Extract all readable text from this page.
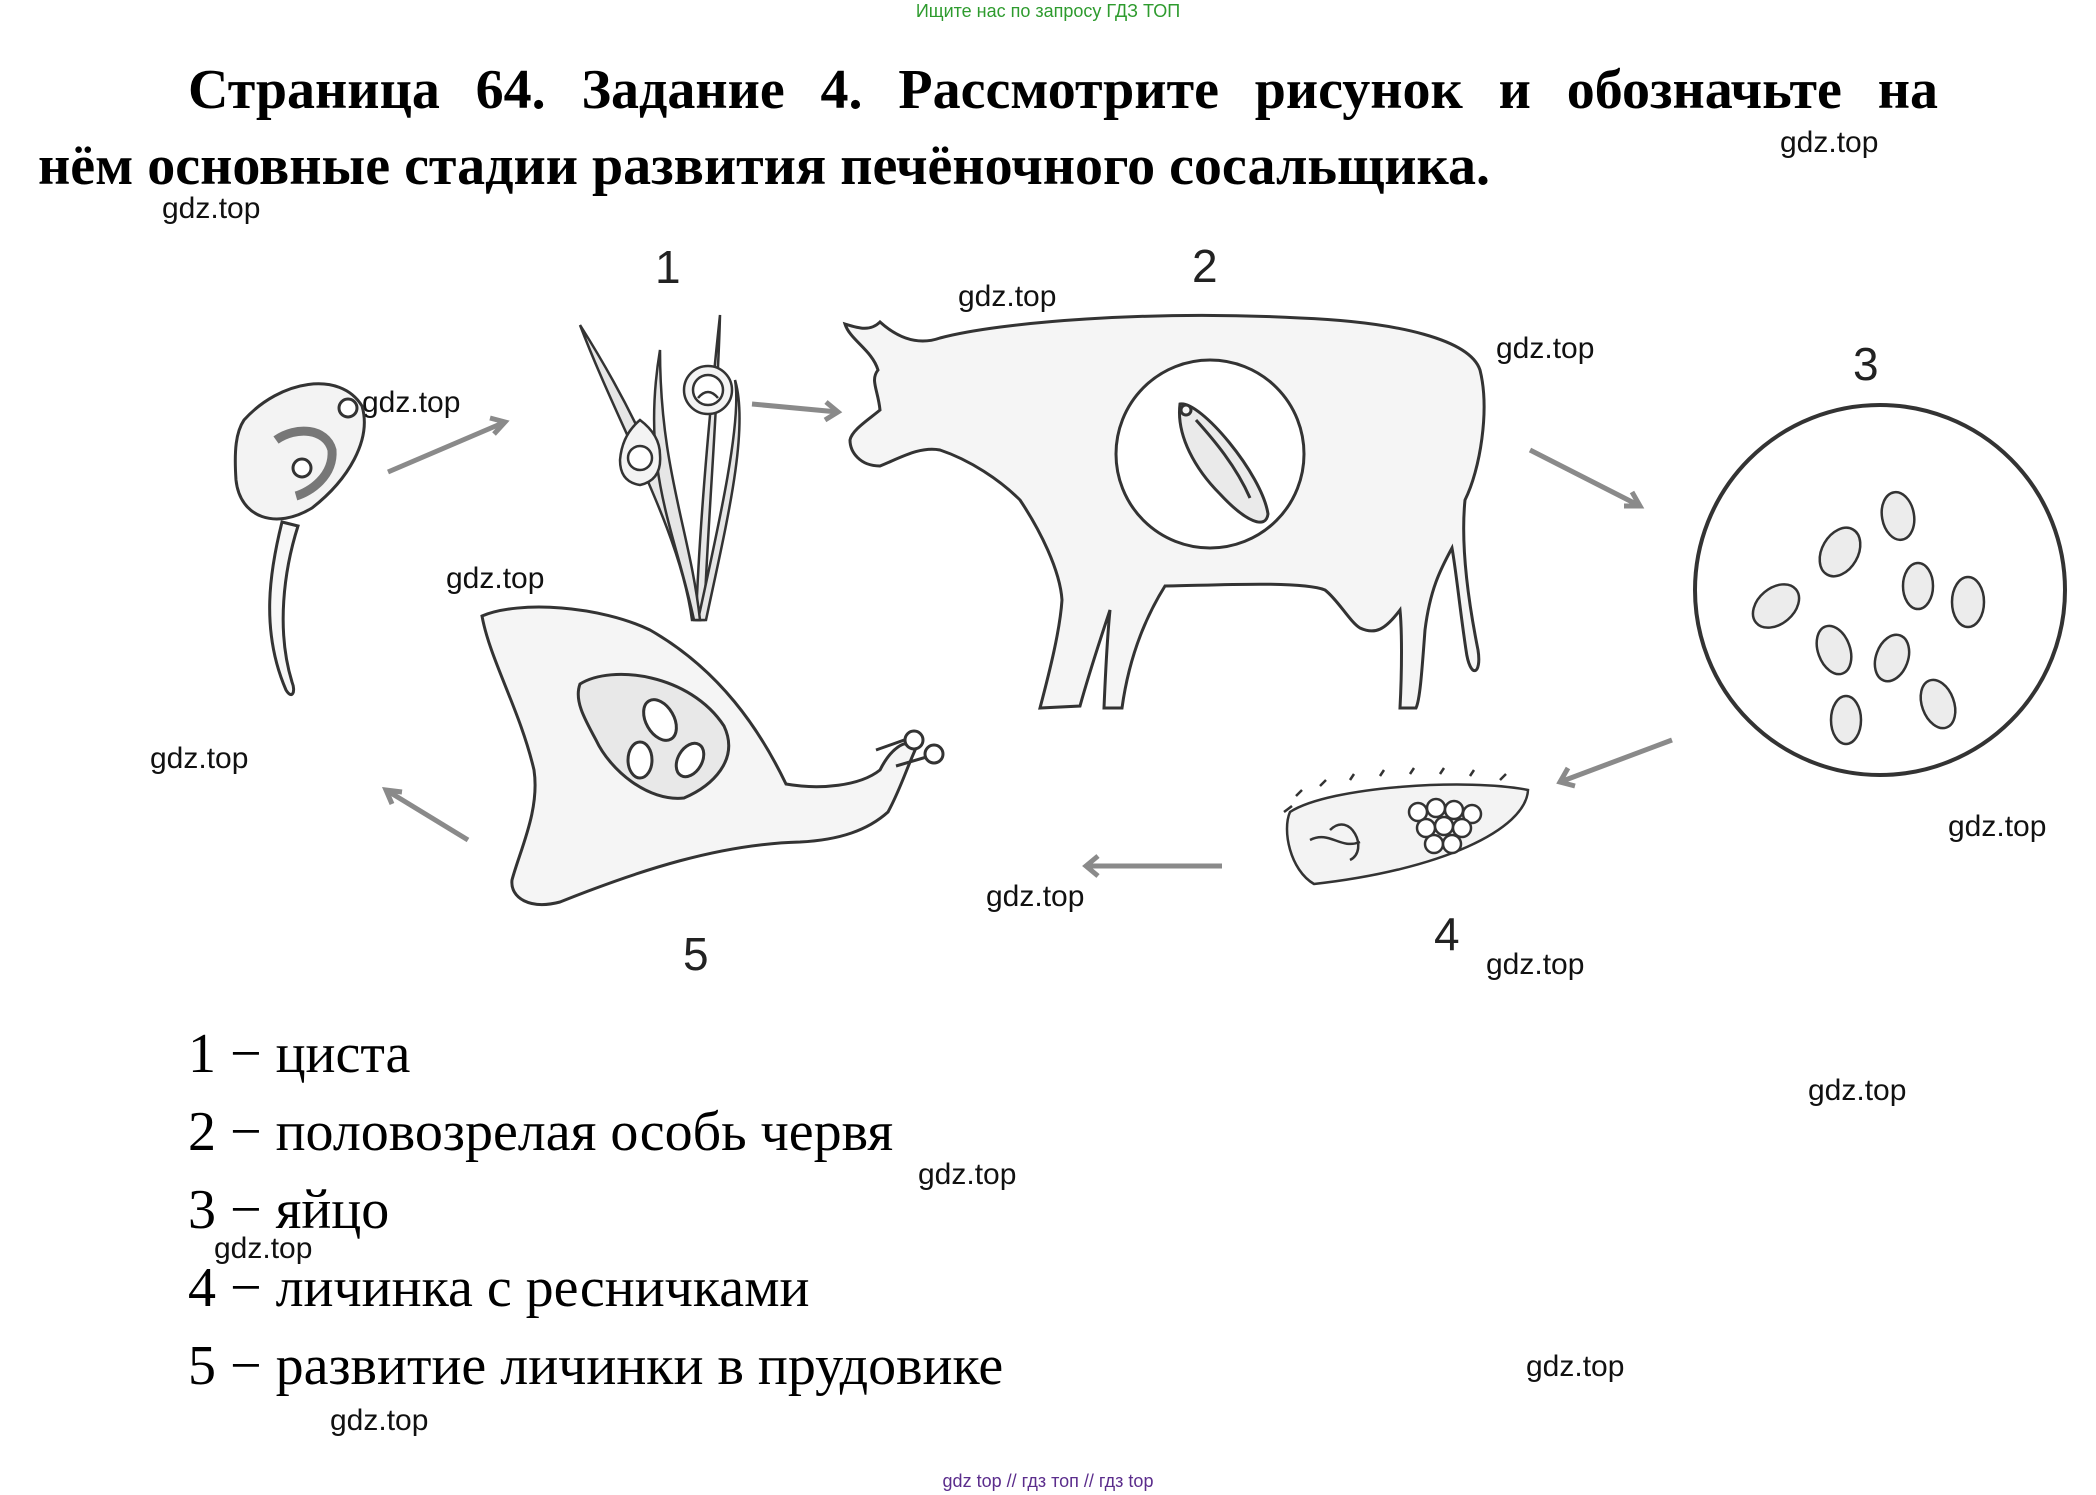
Ищите нас по запросу ГДЗ ТОП
Страница 64. Задание 4. Рассмотрите рисунок и обозначьте на
нём основные стадии развития печёночного сосальщика.	gdz.top
gdz.top
gdz.top
gdz.top
gdz.top
gdz.top
gdz.top
gdz.top
gdz.top
gdz.top
gdz.top
gdz.top
gdz.top
gdz.top
gdz.top
1	2
3
4
5
1 − циста
2 − половозрелая особь червя
3 − яйцо
4 − личинка с ресничками
5 − развитие личинки в прудовике
gdz top // гдз топ // гдз top
